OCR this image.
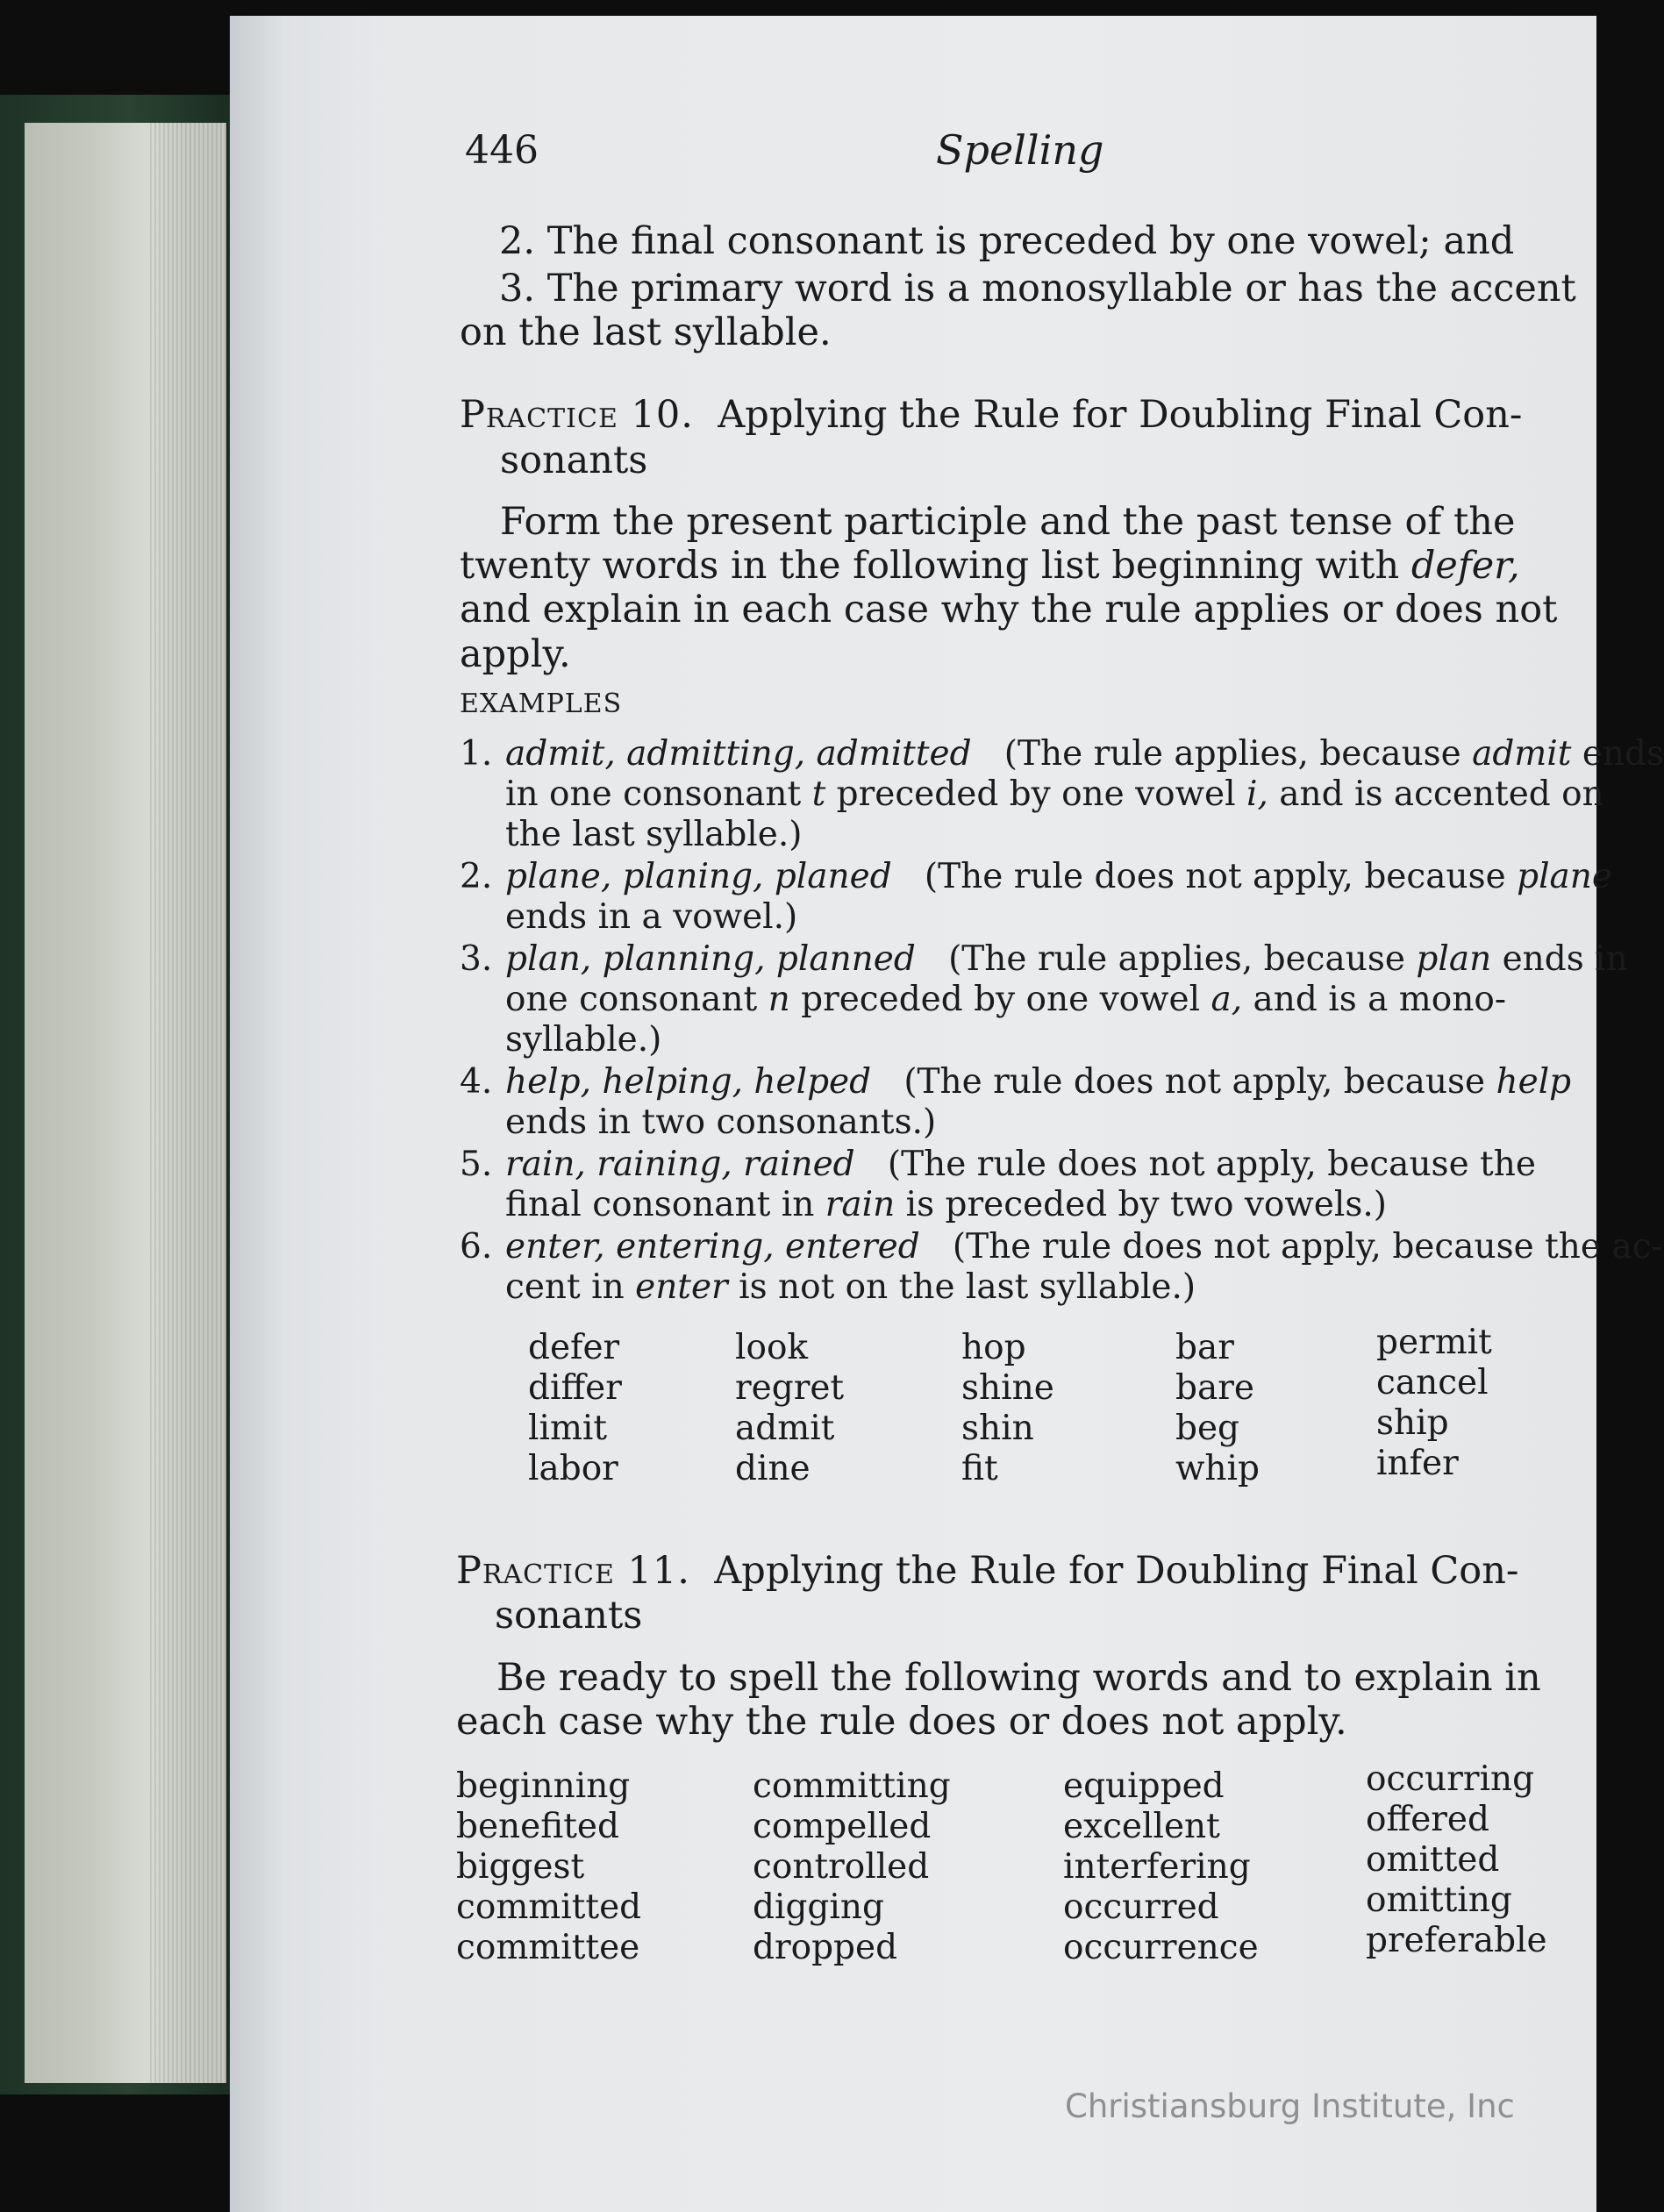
446	Spelling
2. The final consonant is preceded by one vowel; and
3. The primary word is a monosyllable or has the accent
on the last syllable.
Practice 10. Applying the Rule for Doubling Final Con-
sonants
Form the present participle and the past tense of the
twenty words in the following list beginning with defer,
and explain in each case why the rule applies or does not
apply.
EXAMPLES
1. admit, admitting, admitted (The rule applies, because admit ends
in one consonant t preceded by one vowel i, and is accented on
the last syllable.)
2. plane, planing, planed (The rule does not apply, because plane
ends in a vowel.)
3. plan, planning, planned (The rule applies, because plan ends in
one consonant n preceded by one vowel a, and is a mono-
syllable.)
4. help, helping, helped (The rule does not apply, because help
ends in two consonants.)
5. rain, raining, rained (The rule does not apply, because the
final consonant in rain is preceded by two vowels.)
6. enter, entering, entered (The rule does not apply, because the ac-
cent in enter is not on the last syllable.)
defer
differ
limit
labor
look
regret
admit
dine
hop
shine
shin
fit
bar
bare
beg
whip
permit
cancel
ship
infer
Practice 11. Applying the Rule for Doubling Final Con-
sonants
Be ready to spell the following words and to explain in
each case why the rule does or does not apply.
beginning
benefited
biggest
committed
committee
committing
compelled
controlled
digging
dropped
equipped
excellent
interfering
occurred
occurrence
occurring
offered
omitted
omitting
preferable
Christiansburg Institute, Inc
